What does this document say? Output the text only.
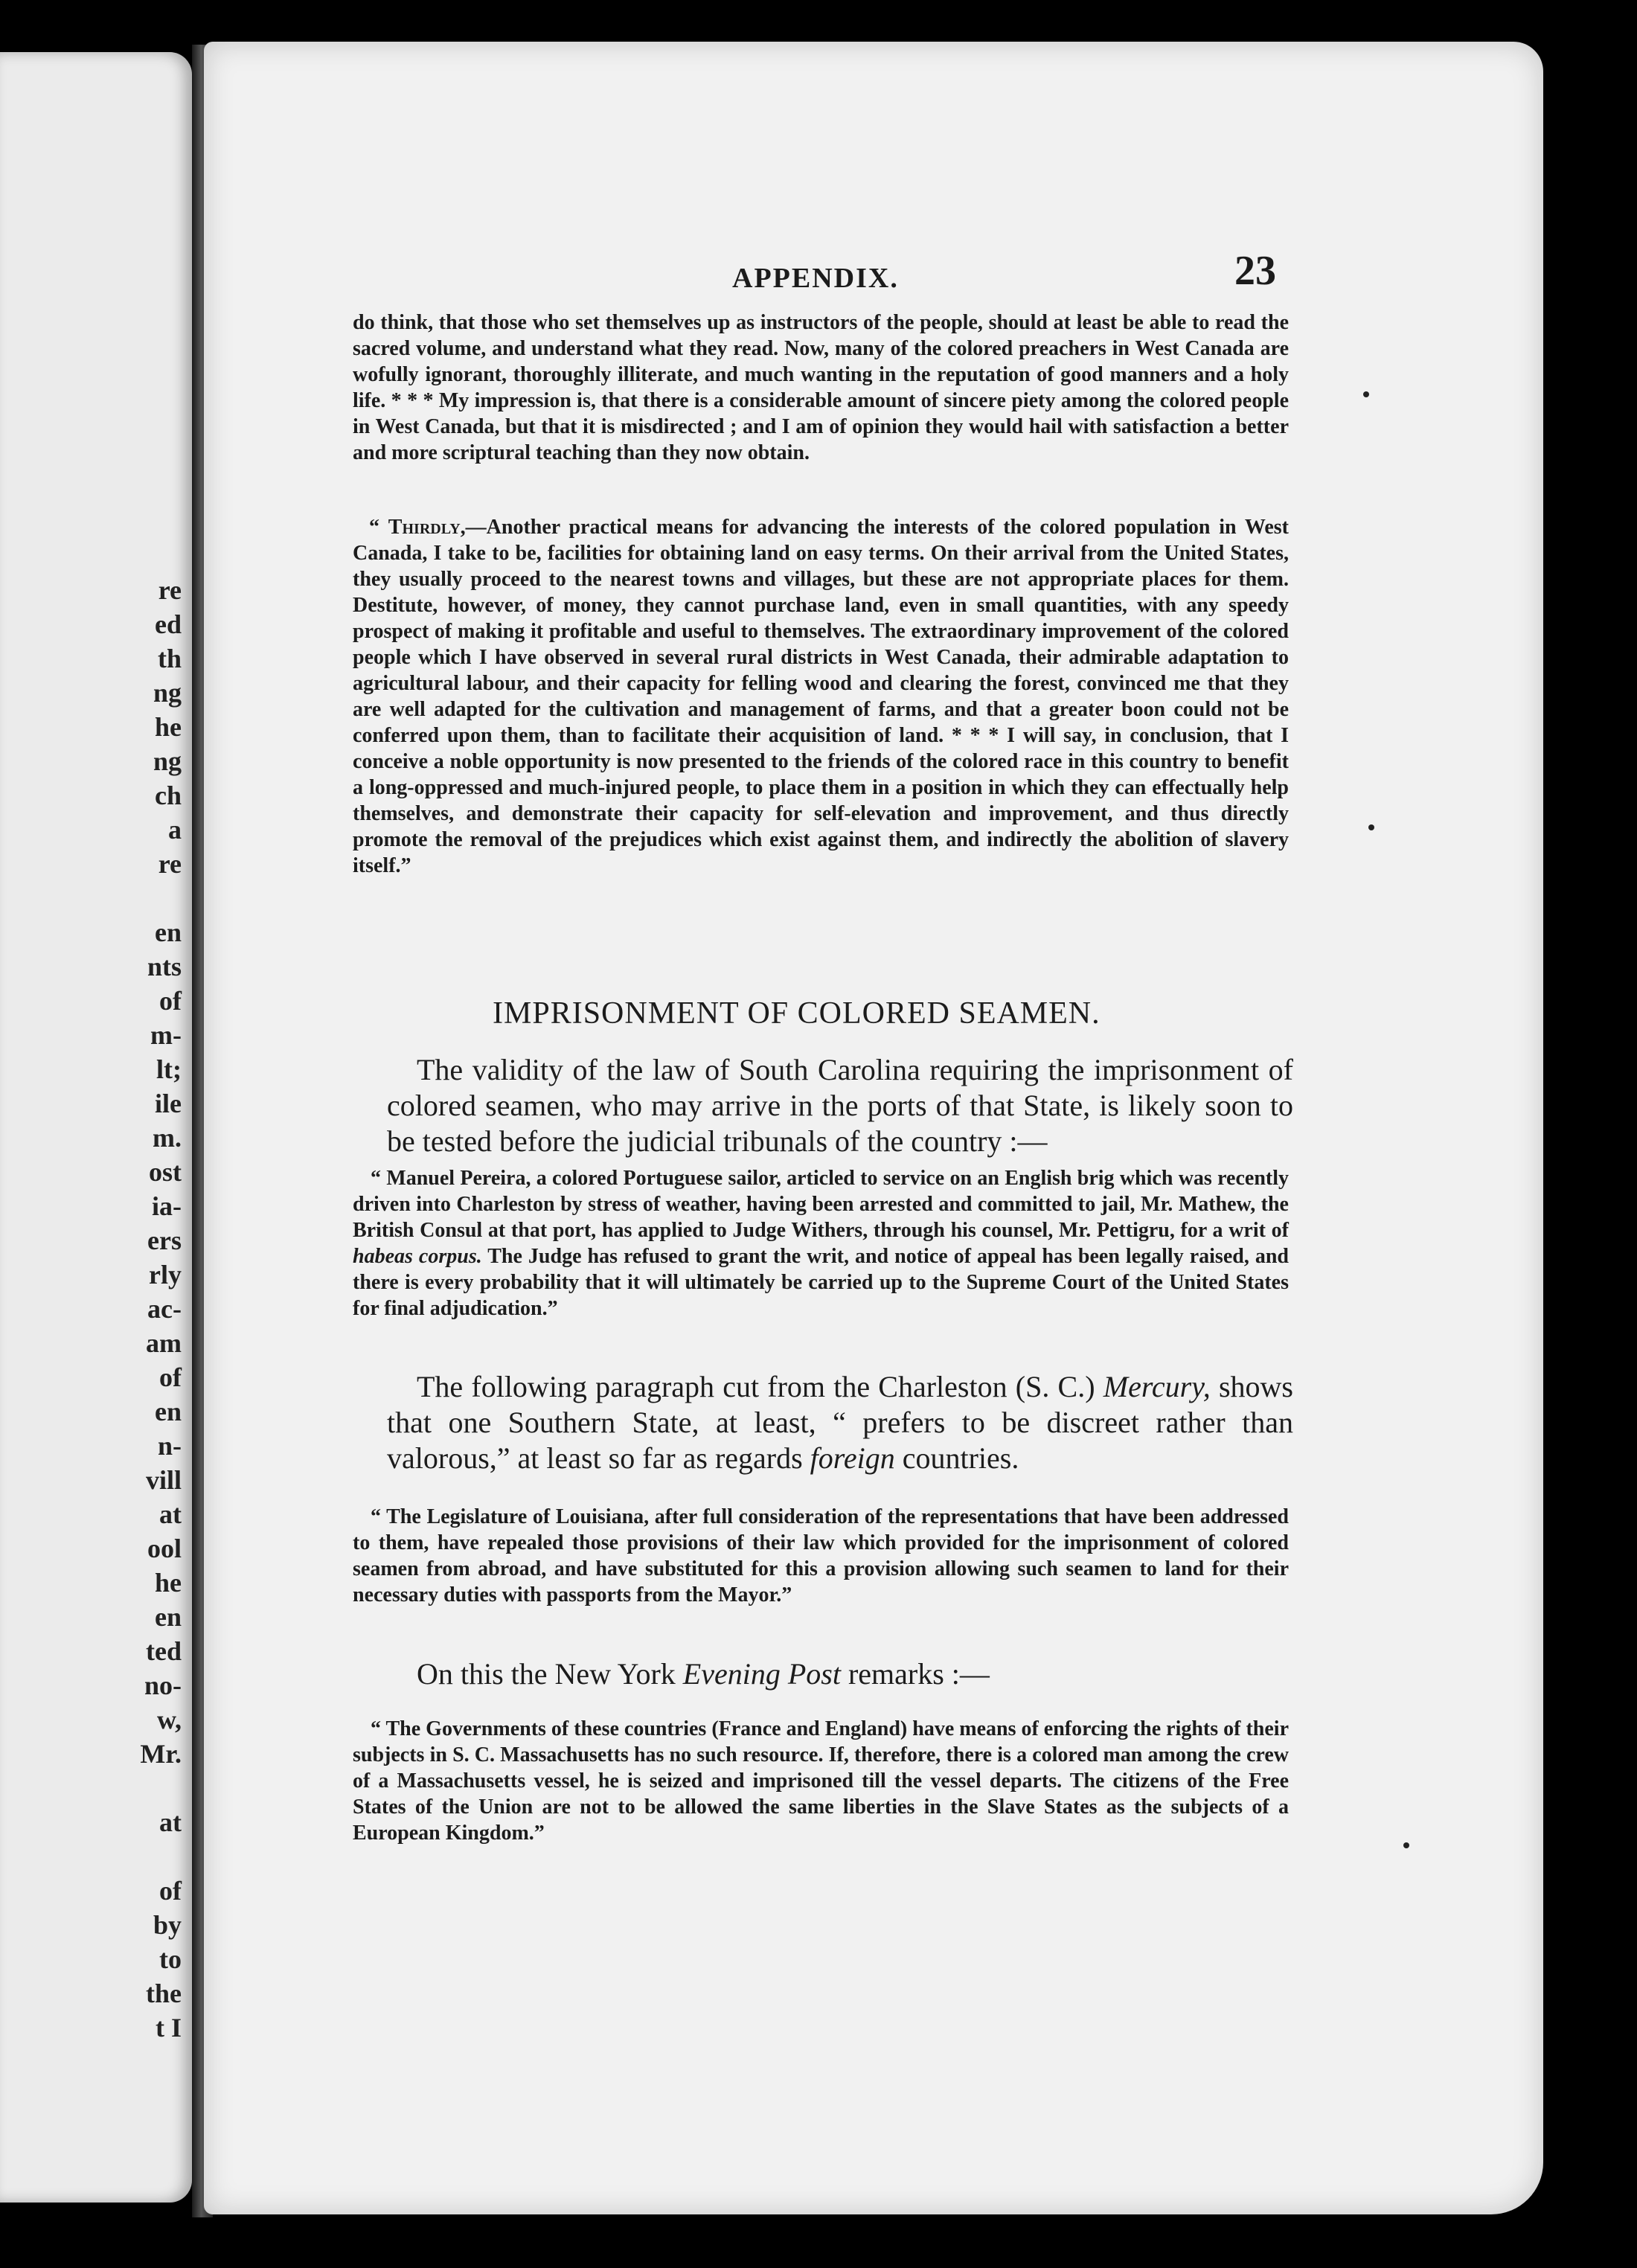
re
ed
th
ng
he
ng
ch
a
re
en
nts
of
m-
lt;
ile
m.
ost
ia-
ers
rly
ac-
am
of
en
n-
vill
at
ool
he
en
ted
no-
w,
Mr.
at
of
by
to
the
t I
APPENDIX.	23
do think, that those who set themselves up as instructors of the people, should at least be able to read the sacred volume, and understand what they read. Now, many of the colored preachers in West Canada are wofully ignorant, thoroughly illiterate, and much wanting in the reputation of good manners and a holy life. * * * My impression is, that there is a considerable amount of sincere piety among the colored people in West Canada, but that it is misdirected ; and I am of opinion they would hail with satisfaction a better and more scriptural teaching than they now obtain.
“ Thirdly,—Another practical means for advancing the interests of the colored population in West Canada, I take to be, facilities for obtaining land on easy terms. On their arrival from the United States, they usually proceed to the nearest towns and villages, but these are not appropriate places for them. Destitute, however, of money, they cannot purchase land, even in small quantities, with any speedy prospect of making it profitable and useful to themselves. The extraordinary improvement of the colored people which I have observed in several rural districts in West Canada, their admirable adaptation to agricultural labour, and their capacity for felling wood and clearing the forest, convinced me that they are well adapted for the cultivation and management of farms, and that a greater boon could not be conferred upon them, than to facilitate their acquisition of land. * * * I will say, in conclusion, that I conceive a noble opportunity is now presented to the friends of the colored race in this country to benefit a long-oppressed and much-injured people, to place them in a position in which they can effectually help themselves, and demonstrate their capacity for self-elevation and improvement, and thus directly promote the removal of the prejudices which exist against them, and indirectly the abolition of slavery itself.”
IMPRISONMENT OF COLORED SEAMEN.
The validity of the law of South Carolina requiring the imprisonment of colored seamen, who may arrive in the ports of that State, is likely soon to be tested before the judicial tribunals of the country :—
“ Manuel Pereira, a colored Portuguese sailor, articled to service on an English brig which was recently driven into Charleston by stress of weather, having been arrested and committed to jail, Mr. Mathew, the British Consul at that port, has applied to Judge Withers, through his counsel, Mr. Pettigru, for a writ of habeas corpus. The Judge has refused to grant the writ, and notice of appeal has been legally raised, and there is every probability that it will ultimately be carried up to the Supreme Court of the United States for final adjudication.”
The following paragraph cut from the Charleston (S. C.) Mercury, shows that one Southern State, at least, “ prefers to be discreet rather than valorous,” at least so far as regards foreign countries.
“ The Legislature of Louisiana, after full consideration of the representations that have been addressed to them, have repealed those provisions of their law which provided for the imprisonment of colored seamen from abroad, and have substituted for this a provision allowing such seamen to land for their necessary duties with passports from the Mayor.”
On this the New York Evening Post remarks :—
“ The Governments of these countries (France and England) have means of enforcing the rights of their subjects in S. C. Massachusetts has no such resource. If, therefore, there is a colored man among the crew of a Massachusetts vessel, he is seized and imprisoned till the vessel departs. The citizens of the Free States of the Union are not to be allowed the same liberties in the Slave States as the subjects of a European Kingdom.”
